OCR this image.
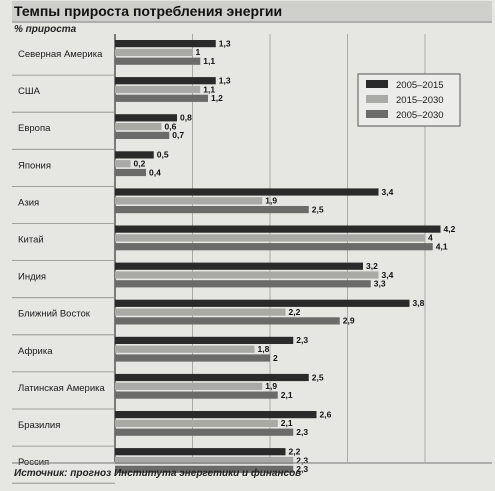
Темпы прироста потребления энергии
% прироста
Северная Америка
США
Европа
Япония
Азия
Китай
Индия
Ближний Восток
Африка
Латинская Америка
Бразилия
Россия
1,3
1
1,1
1,3
1,1
1,2
0,8
0,6
0,7
0,5
0,2
0,4
3,4
1,9
2,5
4,2
4
4,1
3,2
3,4
3,3
3,8
2,2
2,9
2,3
1,8
2
2,5
1,9
2,1
2,6
2,1
2,3
2,2
2,3
2,3
2005–2015
2015–2030
2005–2030
Источник: прогноз Института энергетики и финансов
